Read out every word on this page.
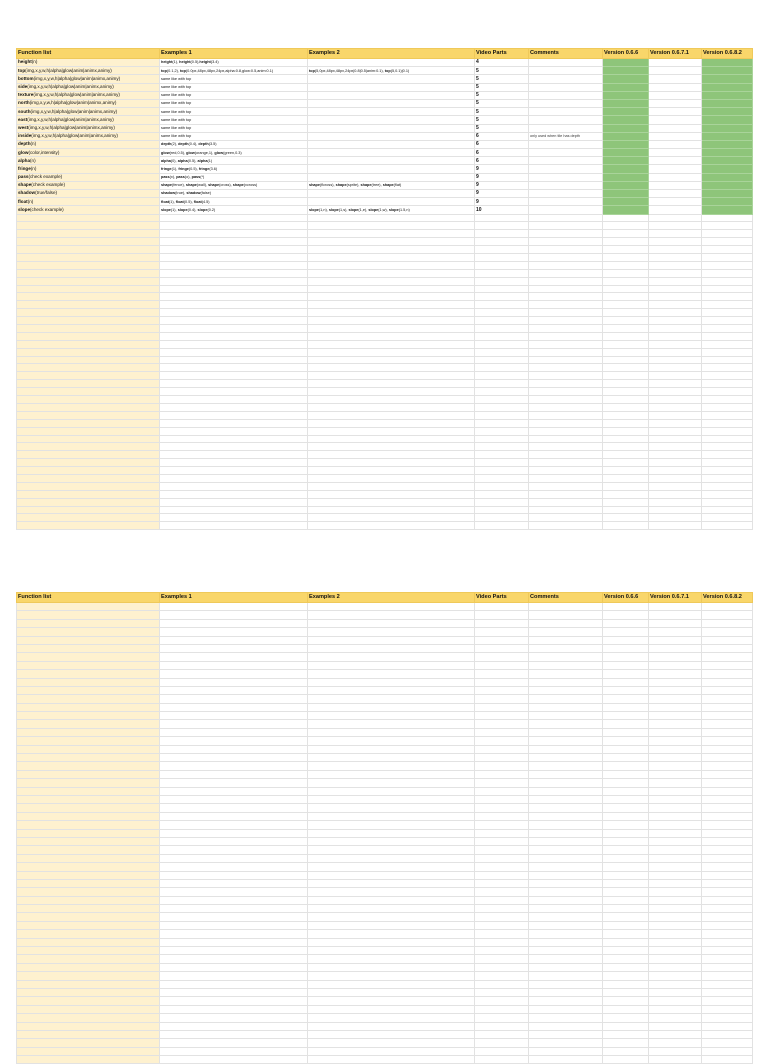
Function list	Examples 1	Examples 2	Video Parts	Comments	Version 0.6.6	Version 0.6.7.1	Version 0.6.8.2
height(n)	height(1), height(0.5),height(3.4)		4				
top(img,x,y,w,h|alpha|glow|anim|animx,animy)	top(0.1,2), top(0.0px,48px,48px,24px,alpha:0.8,glow:0.5,anim:0.1)	top(5,0px,48px,48px,24px|0.8|0.5|anim:0.1), top(5,0.1)|0.1)	5				
bottom(img,x,y,w,h|alpha|glow|anim|animx,animy)	same like with top		5				
side(img,x,y,w,h|alpha|glow|anim|animx,animy)	same like with top		5				
texture(img,x,y,w,h|alpha|glow|anim|animx,animy)	same like with top		5				
north(img,x,y,w,h|alpha|glow|anim|animx,animy)	same like with top		5				
south(img,x,y,w,h|alpha|glow|anim|animx,animy)	same like with top		5				
east(img,x,y,w,h|alpha|glow|anim|animx,animy)	same like with top		5				
west(img,x,y,w,h|alpha|glow|anim|animx,animy)	same like with top		5				
inside(img,x,y,w,h|alpha|glow|anim|animx,animy)	same like with top		6	only used when tile has depth			
depth(n)	depth(2), depth(0.4), depth(3.5)		6				
glow(color,intensity)	glow(red,0.5), glow(orange,1), glow(green,0.3)		6				
alpha(n)	alpha(0), alpha(0.5), alpha(1)		6				
fringe(n)	fringe(1), fringe(0.5), fringe(3.6)		9				
pass(check example)	pass(x), pass(o), pass(*)		9				
shape(check example)	shape(fence), shape(wall), shape(cross), shape(xcross)	shape(flcross), shape(sprite), shape(tree), shape(flat)	9				
shadow(true/false)	shadow(true), shadow(false)		9				
float(n)	float(1), float(0.5), float(4.5)		9				
slope(check example)	slope(1), slope(0.4), slope(0.2)	slope(1,n), slope(1,s), slope(1,e), slope(1,w), slope(1.5,n)	10				

Function list	Examples 1	Examples 2	Video Parts	Comments	Version 0.6.6	Version 0.6.7.1	Version 0.6.8.2
